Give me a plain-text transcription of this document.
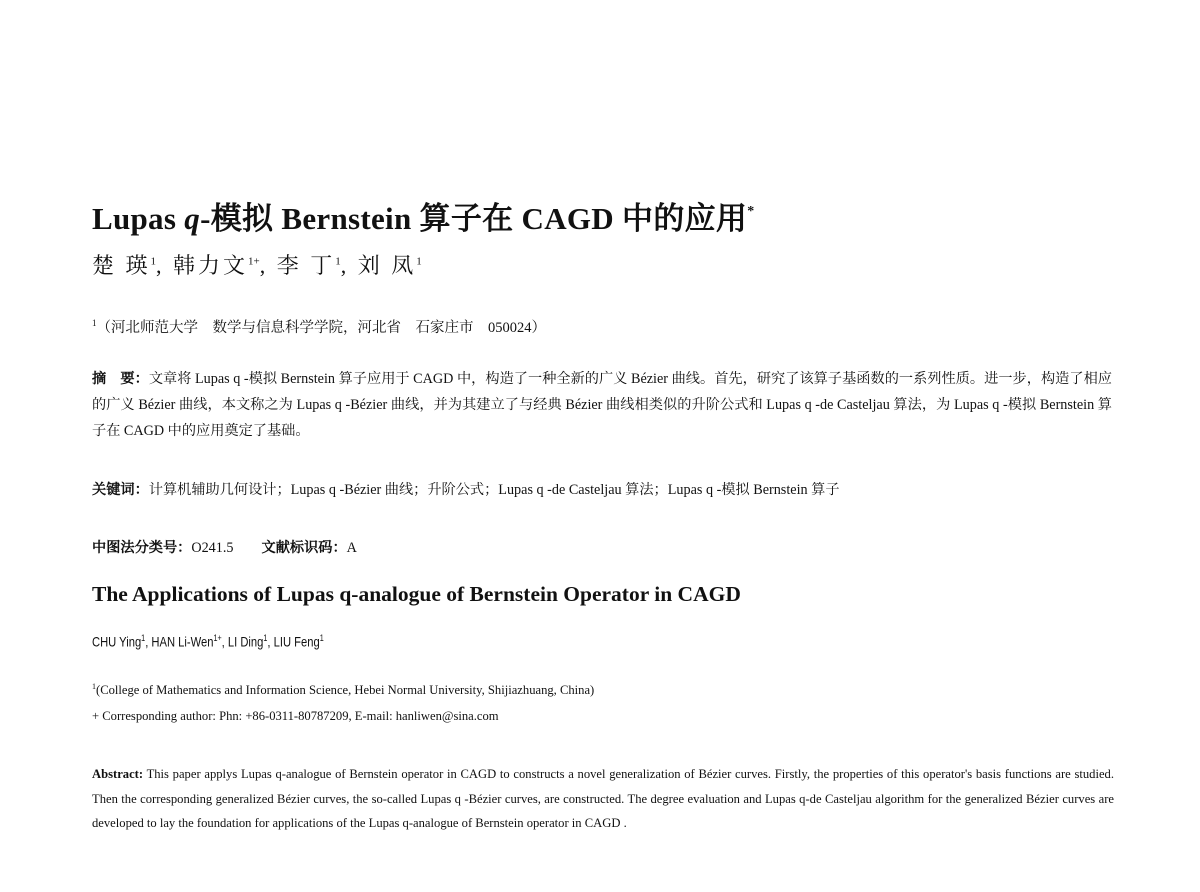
Lupas q-模拟 Bernstein 算子在 CAGD 中的应用*
楚 瑛$^1$, 韩力文$^{1+}$, 李 丁$^1$, 刘 凤$^1$
$^1$（河北师范大学　数学与信息科学学院，河北省　石家庄市　050024）
摘　要：文章将 Lupas q -模拟 Bernstein 算子应用于 CAGD 中，构造了一种全新的广义 Bézier 曲线。首先，研究了该算子基函数的一系列性质。进一步，构造了相应的广义 Bézier 曲线，本文称之为 Lupas q -Bézier 曲线，并为其建立了与经典 Bézier 曲线相类似的升阶公式和 Lupas q -de Casteljau 算法，为 Lupas q -模拟 Bernstein 算子在 CAGD 中的应用奠定了基础。
关键词：计算机辅助几何设计；Lupas q -Bézier 曲线；升阶公式；Lupas q -de Casteljau 算法；Lupas q -模拟 Bernstein 算子
中图法分类号：O241.5 文献标识码：A
The Applications of Lupas q-analogue of Bernstein Operator in CAGD
CHU Ying$^1$, HAN Li-Wen$^{1+}$, LI Ding$^1$, LIU Feng$^1$
$^1$(College of Mathematics and Information Science, Hebei Normal University, Shijiazhuang, China)
+ Corresponding author: Phn: +86-0311-80787209, E-mail: hanliwen@sina.com
Abstract: This paper applys Lupas q-analogue of Bernstein operator in CAGD to constructs a novel generalization of Bézier curves. Firstly, the properties of this operator's basis functions are studied. Then the corresponding generalized Bézier curves, the so-called Lupas q -Bézier curves, are constructed. The degree evaluation and Lupas q-de Casteljau algorithm for the generalized Bézier curves are developed to lay the foundation for applications of the Lupas q-analogue of Bernstein operator in CAGD .
